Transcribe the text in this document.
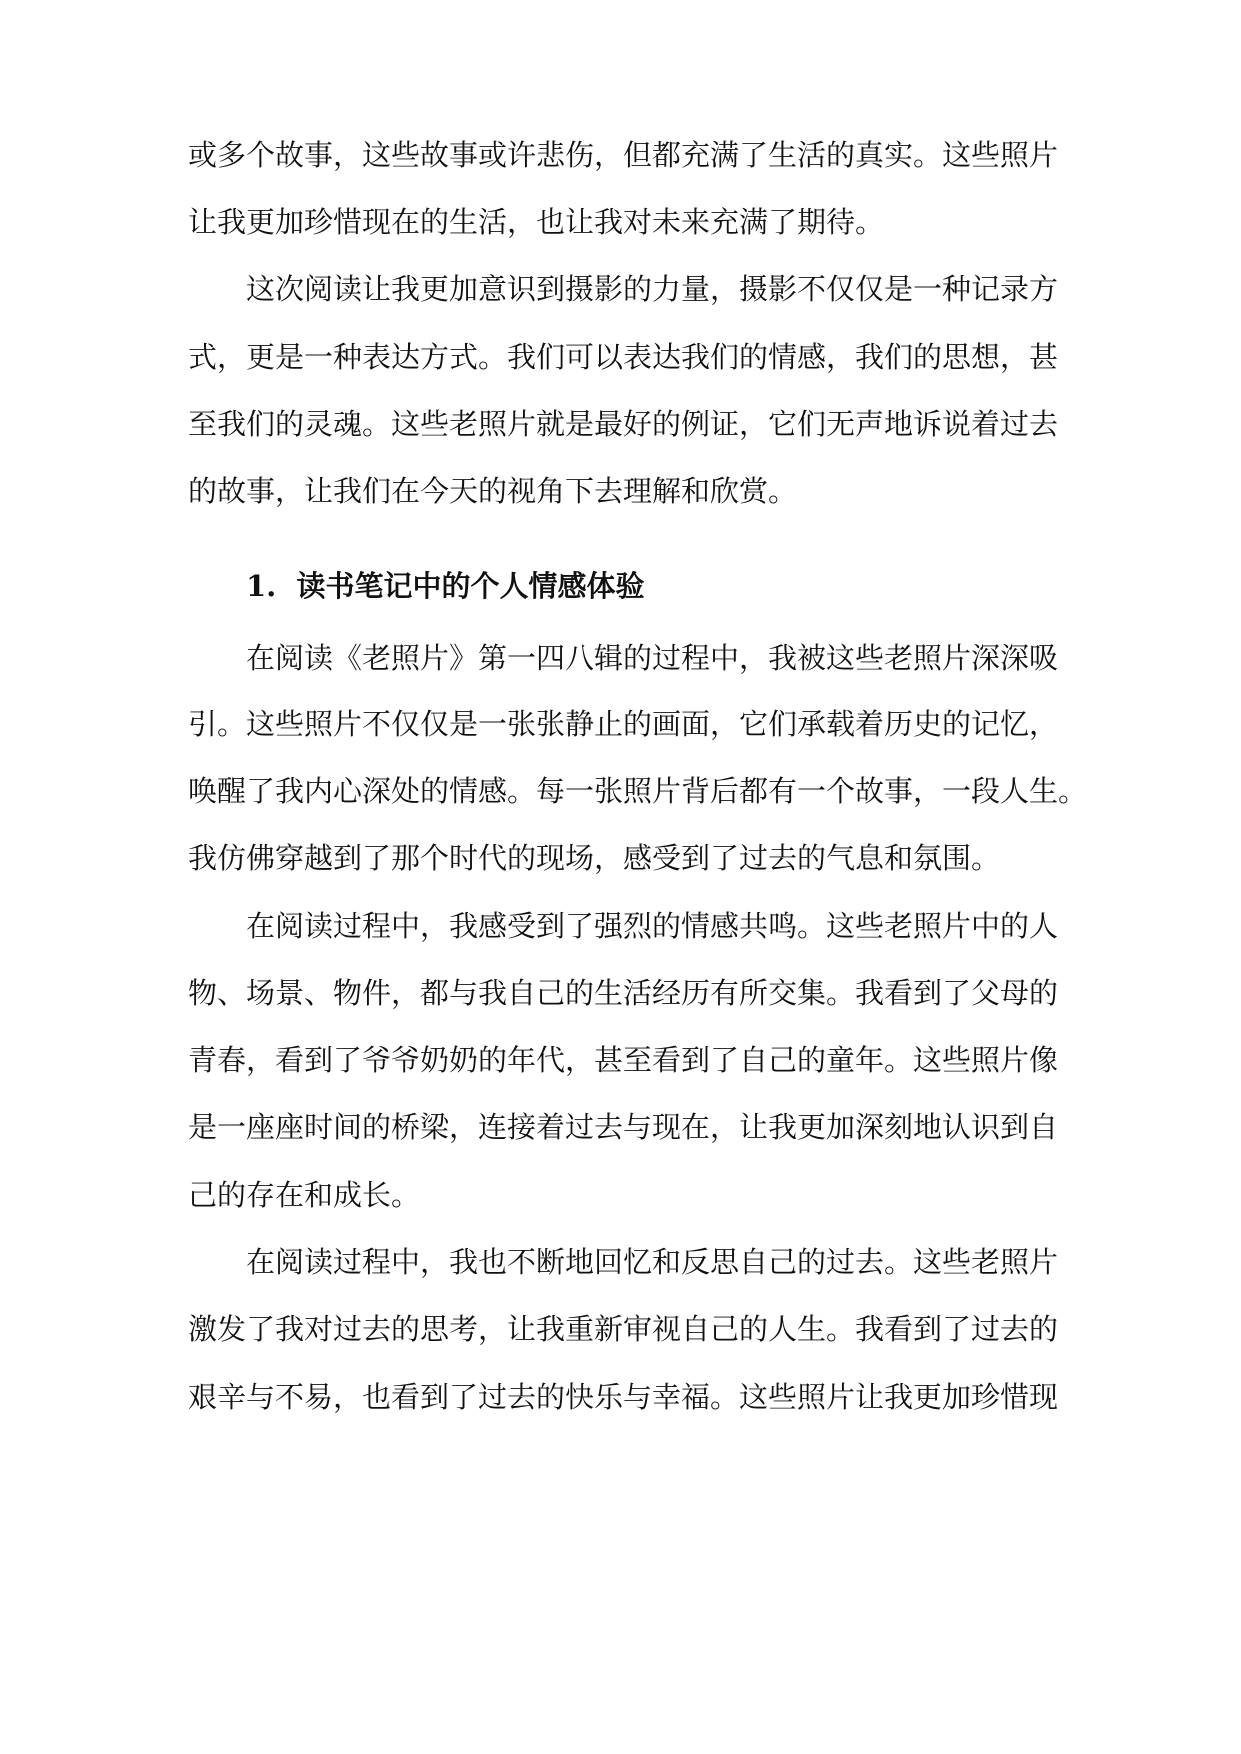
或多个故事，这些故事或许悲伤，但都充满了生活的真实。这些照片
让我更加珍惜现在的生活，也让我对未来充满了期待。
这次阅读让我更加意识到摄影的力量，摄影不仅仅是一种记录方
式，更是一种表达方式。我们可以表达我们的情感，我们的思想，甚
至我们的灵魂。这些老照片就是最好的例证，它们无声地诉说着过去
的故事，让我们在今天的视角下去理解和欣赏。
1. 读书笔记中的个人情感体验
在阅读《老照片》第一四八辑的过程中，我被这些老照片深深吸
引。这些照片不仅仅是一张张静止的画面，它们承载着历史的记忆，
唤醒了我内心深处的情感。每一张照片背后都有一个故事，一段人生。
我仿佛穿越到了那个时代的现场，感受到了过去的气息和氛围。
在阅读过程中，我感受到了强烈的情感共鸣。这些老照片中的人
物、场景、物件，都与我自己的生活经历有所交集。我看到了父母的
青春，看到了爷爷奶奶的年代，甚至看到了自己的童年。这些照片像
是一座座时间的桥梁，连接着过去与现在，让我更加深刻地认识到自
己的存在和成长。
在阅读过程中，我也不断地回忆和反思自己的过去。这些老照片
激发了我对过去的思考，让我重新审视自己的人生。我看到了过去的
艰辛与不易，也看到了过去的快乐与幸福。这些照片让我更加珍惜现
